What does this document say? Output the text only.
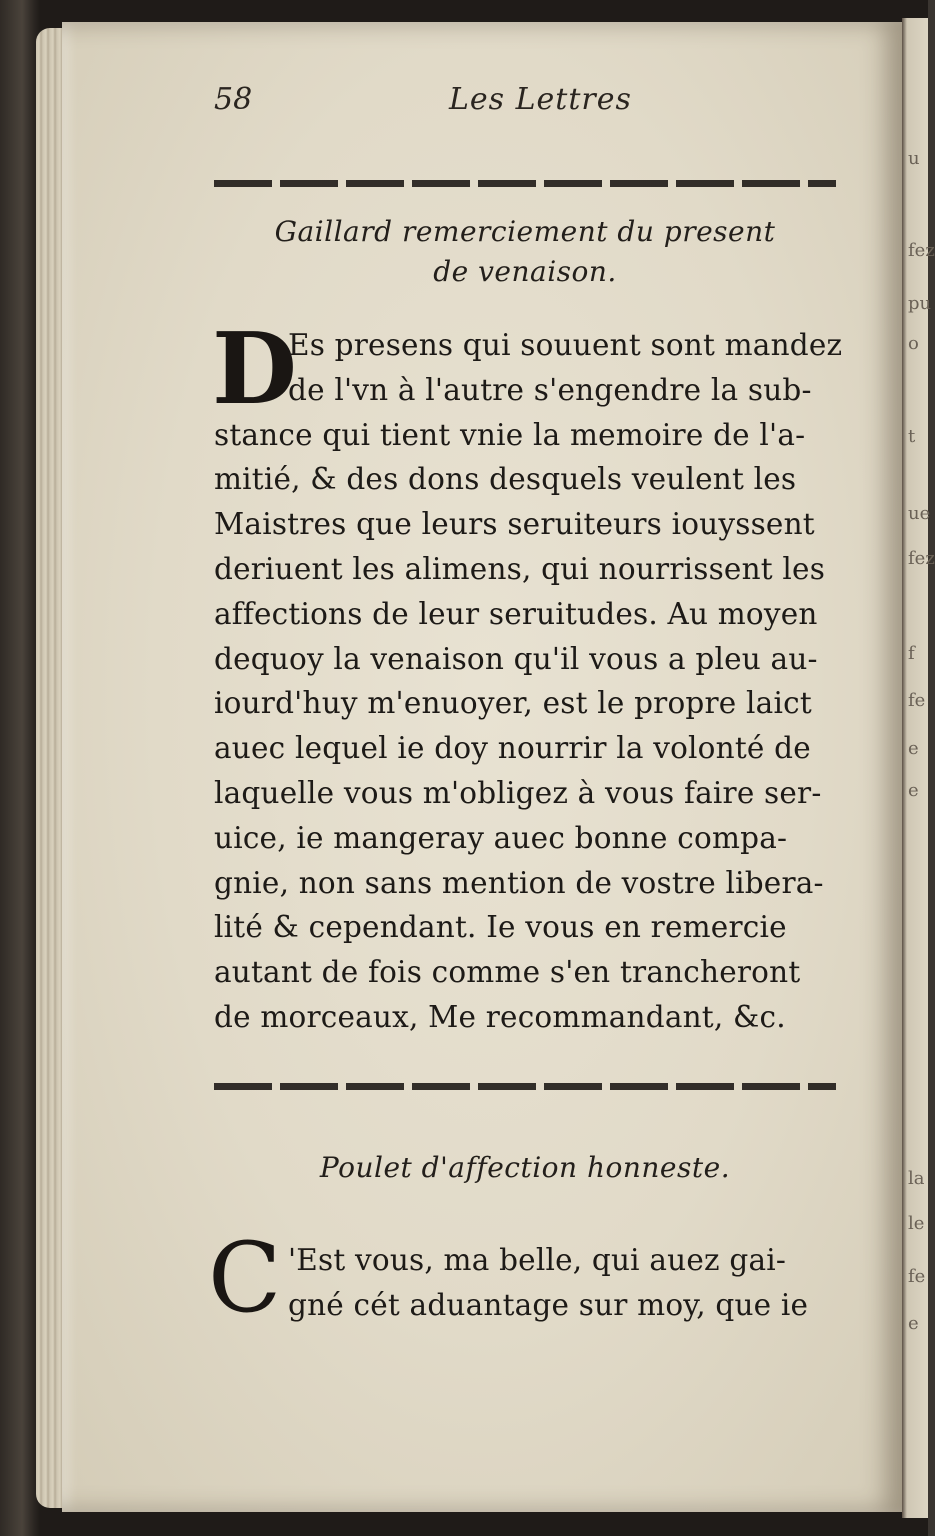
u
fez
pu
o
t
ue
fez
f
fe
e
e
la
le
fe
e
58	Les Lettres
Gaillard remerciement du present
de venaison.
D
Es presens qui souuent sont mandez
de l'vn à l'autre s'engendre la sub-
stance qui tient vnie la memoire de l'a-
mitié, & des dons desquels veulent les
Maistres que leurs seruiteurs iouyssent
deriuent les alimens, qui nourrissent les
affections de leur seruitudes. Au moyen
dequoy la venaison qu'il vous a pleu au-
iourd'huy m'enuoyer, est le propre laict
auec lequel ie doy nourrir la volonté de
laquelle vous m'obligez à vous faire ser-
uice, ie mangeray auec bonne compa-
gnie, non sans mention de vostre libera-
lité & cependant. Ie vous en remercie
autant de fois comme s'en trancheront
de morceaux, Me recommandant, &c.
Poulet d'affection honneste.
C 'Est vous, ma belle, qui auez gai-
gné cét aduantage sur moy, que ie
